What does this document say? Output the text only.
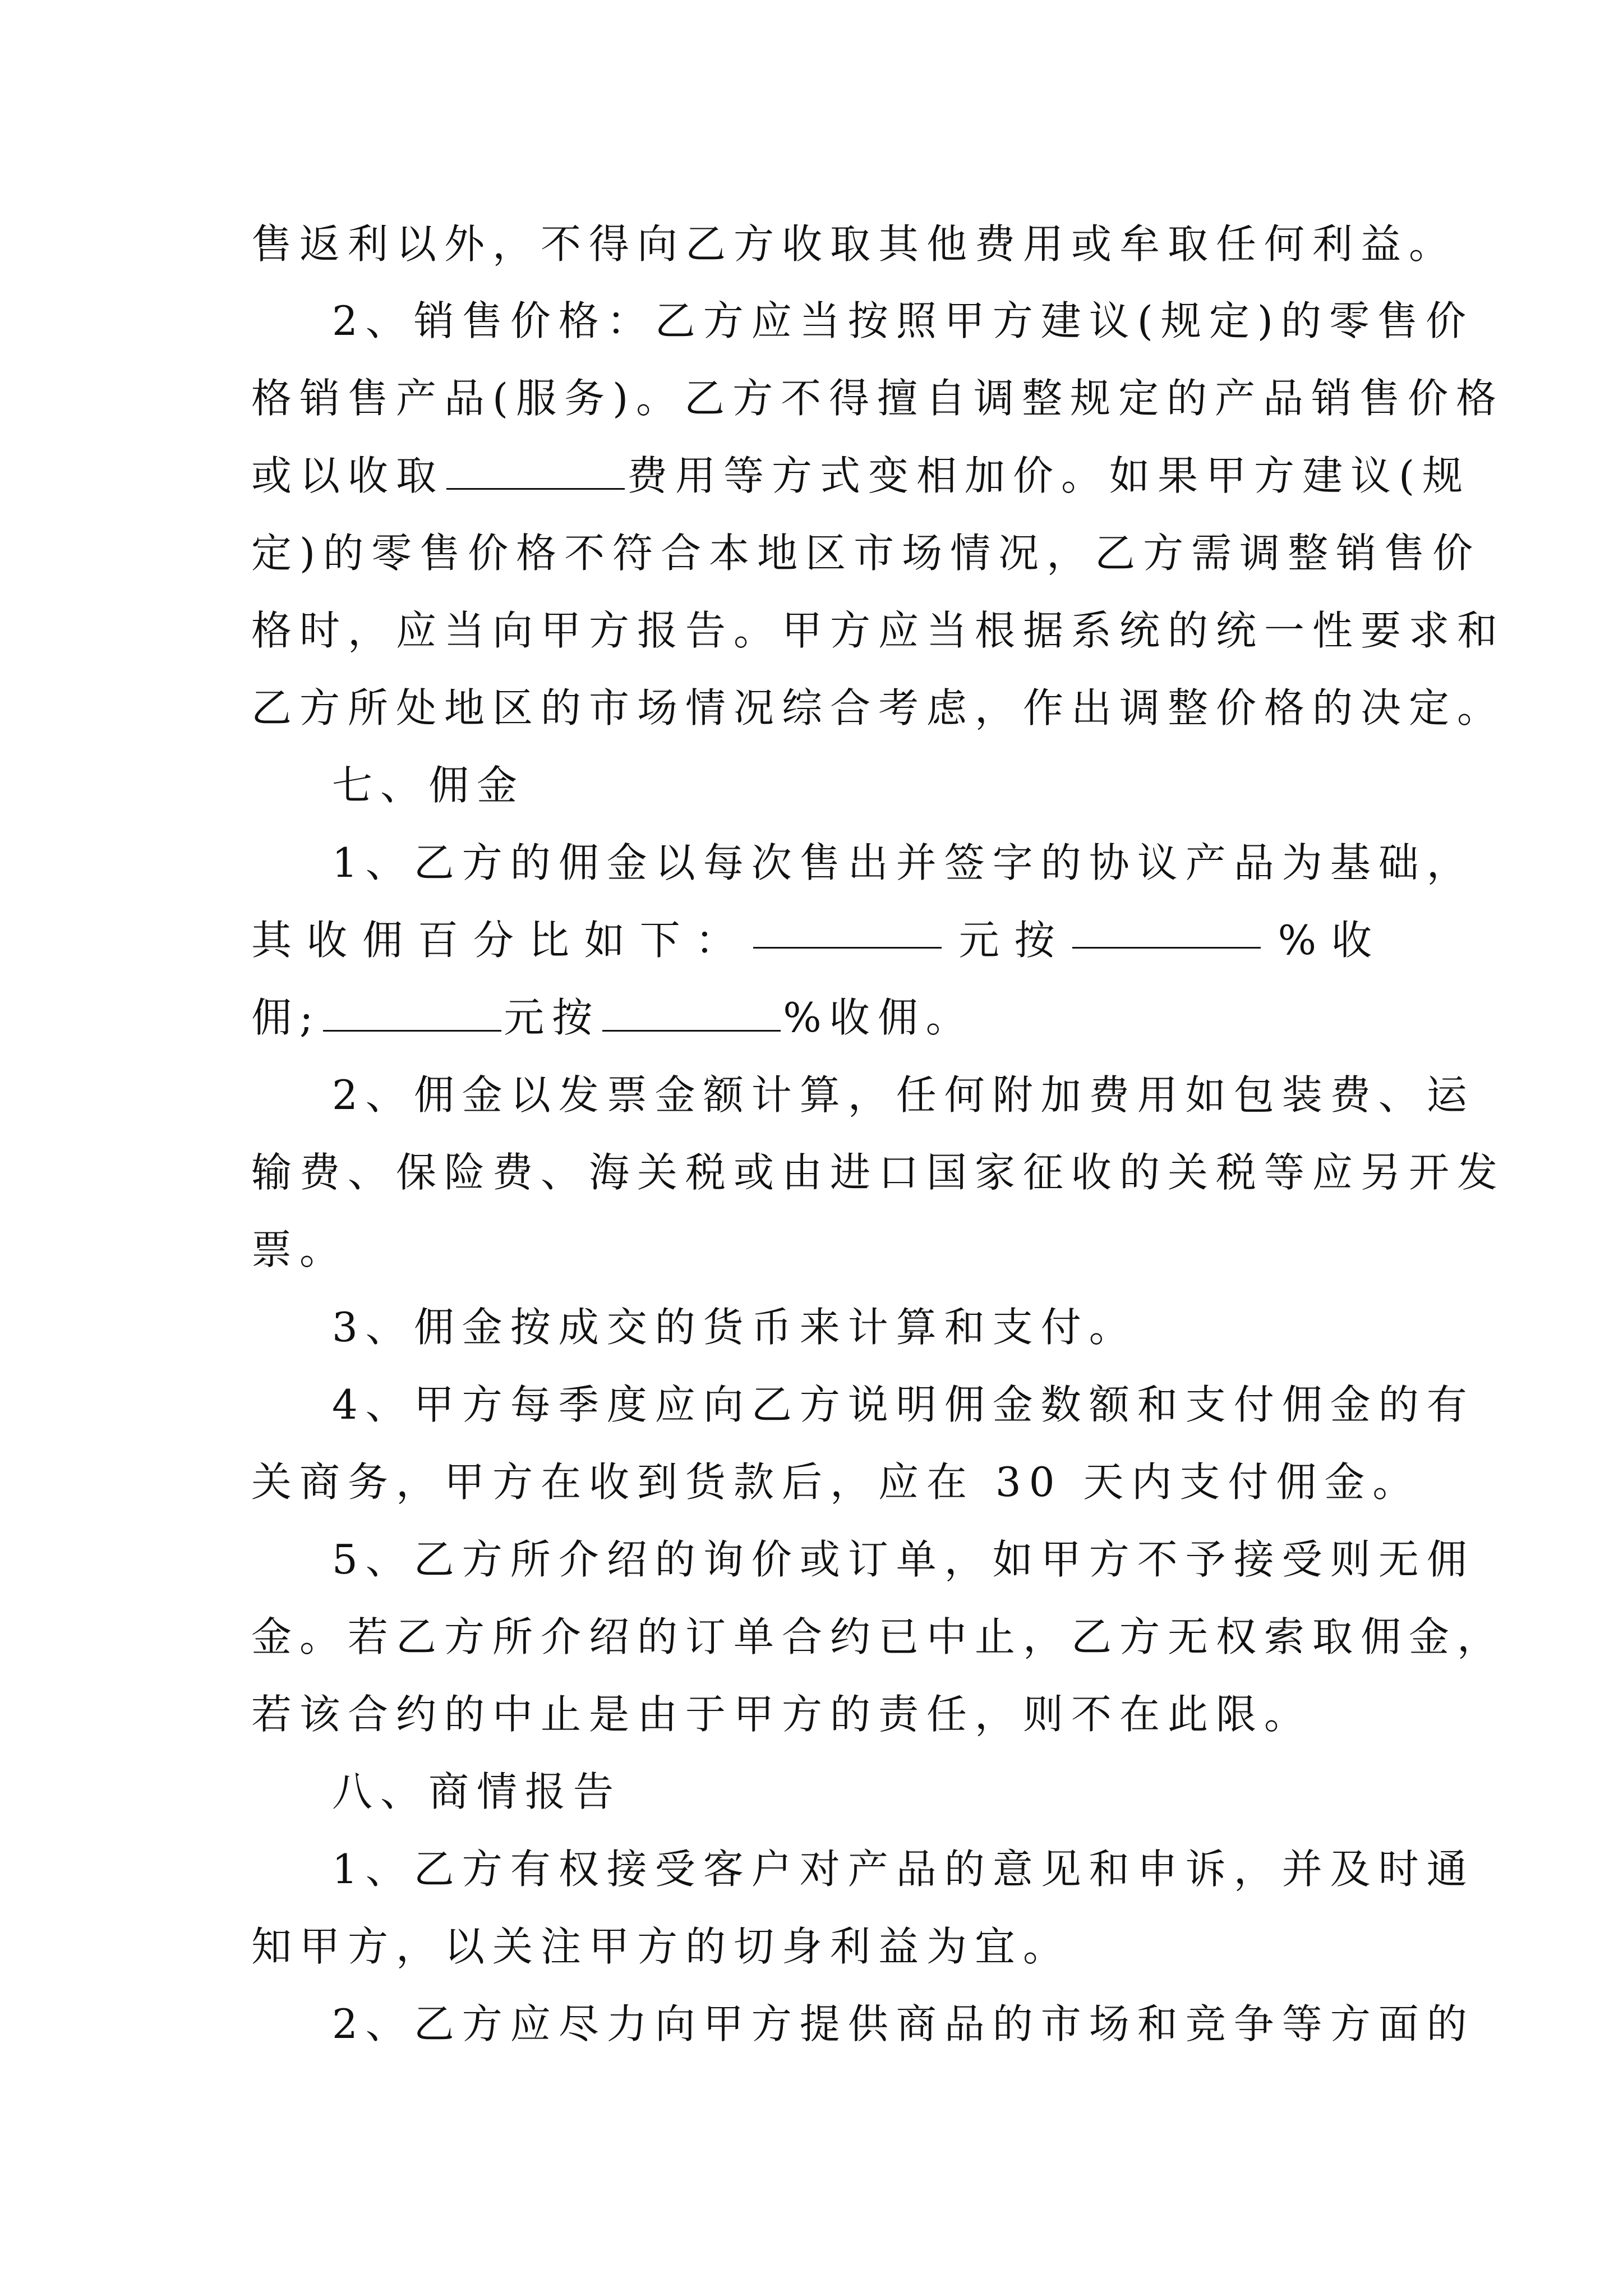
售返利以外，不得向乙方收取其他费用或牟取任何利益。
2、销售价格：乙方应当按照甲方建议(规定)的零售价
格销售产品(服务)。乙方不得擅自调整规定的产品销售价格
或以收取	费用等方式变相加价。如果甲方建议(规
定)的零售价格不符合本地区市场情况，乙方需调整销售价
格时，应当向甲方报告。甲方应当根据系统的统一性要求和
乙方所处地区的市场情况综合考虑，作出调整价格的决定。
七、佣金
1、乙方的佣金以每次售出并签字的协议产品为基础，
其 收 佣 百 分 比 如 下 ：	元 按	% 收
佣;	元按	%收佣。
2、佣金以发票金额计算，任何附加费用如包装费、运
输费、保险费、海关税或由进口国家征收的关税等应另开发
票。
3、佣金按成交的货币来计算和支付。
4、甲方每季度应向乙方说明佣金数额和支付佣金的有
关商务，甲方在收到货款后，应在 30 天内支付佣金。
5、乙方所介绍的询价或订单，如甲方不予接受则无佣
金。若乙方所介绍的订单合约已中止，乙方无权索取佣金，
若该合约的中止是由于甲方的责任，则不在此限。
八、商情报告
1、乙方有权接受客户对产品的意见和申诉，并及时通
知甲方，以关注甲方的切身利益为宜。
2、乙方应尽力向甲方提供商品的市场和竞争等方面的
